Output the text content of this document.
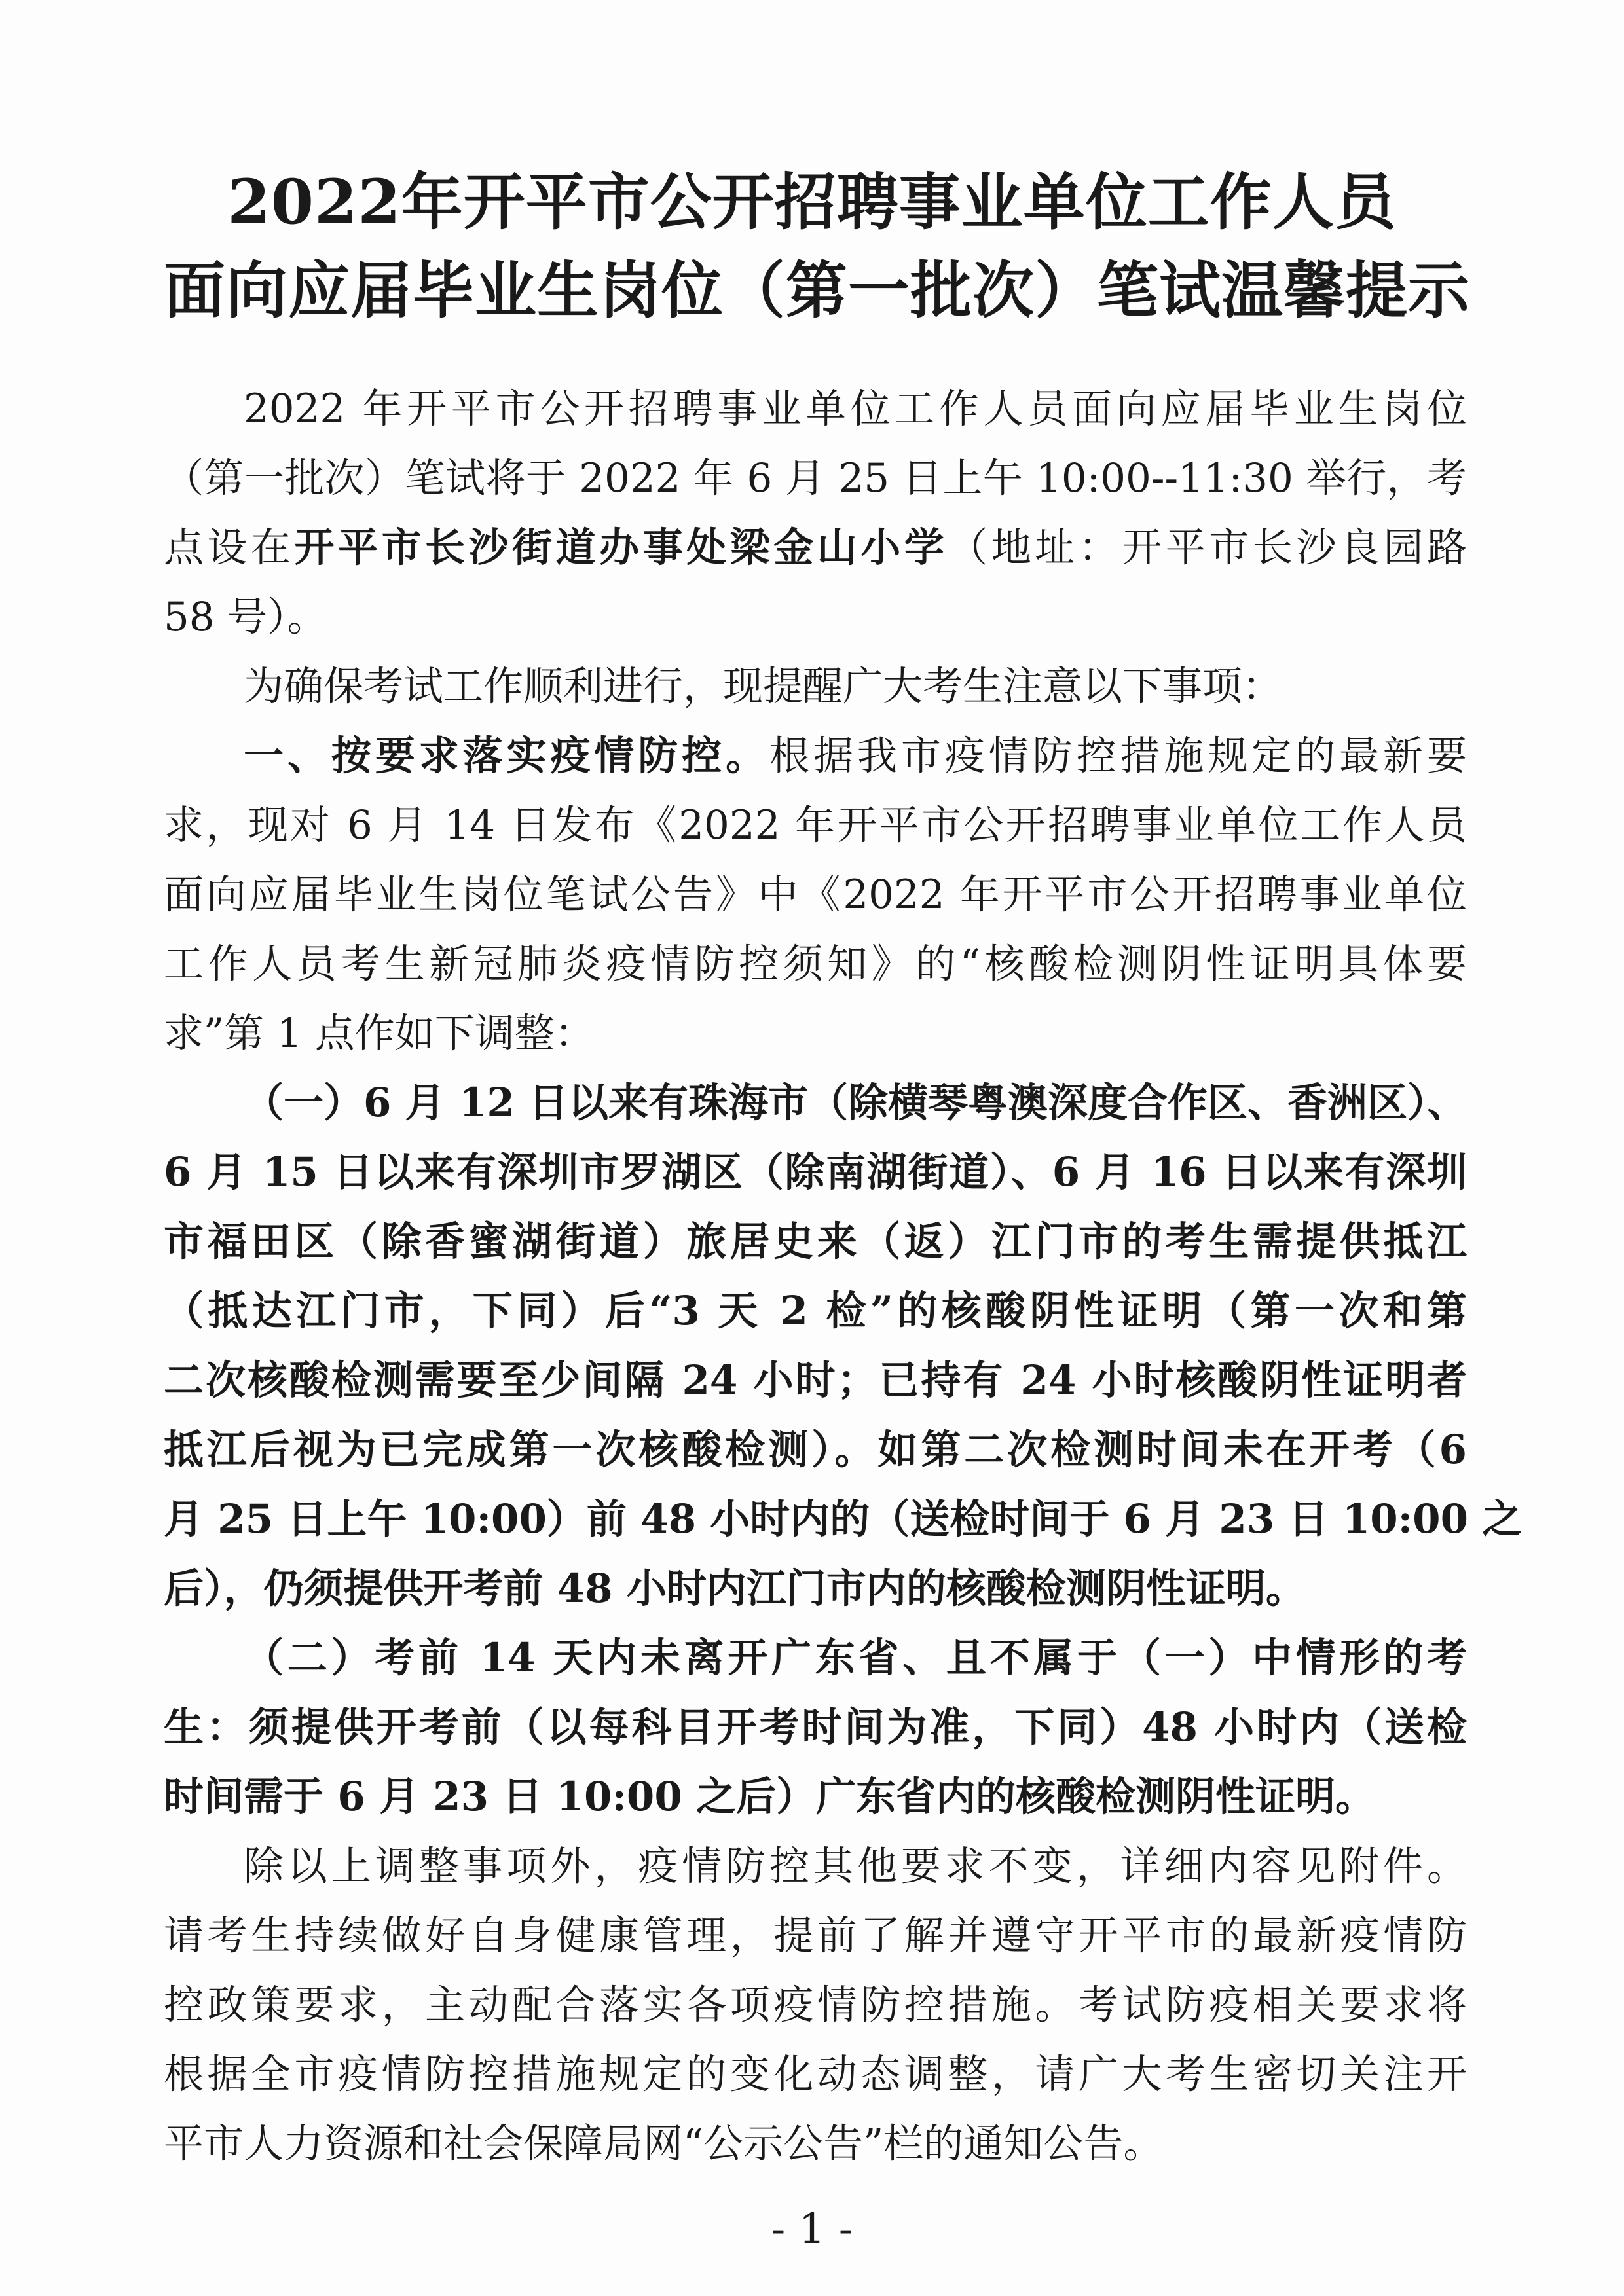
2022年开平市公开招聘事业单位工作人员
面向应届毕业生岗位（第一批次）笔试温馨提示
2022 年开平市公开招聘事业单位工作人员面向应届毕业生岗位
（第一批次）笔试将于 2022 年 6 月 25 日上午 10:00--11:30 举行，考
点设在开平市长沙街道办事处梁金山小学（地址：开平市长沙良园路
58 号）。
为确保考试工作顺利进行，现提醒广大考生注意以下事项：
一、按要求落实疫情防控。根据我市疫情防控措施规定的最新要
求，现对 6 月 14 日发布《2022 年开平市公开招聘事业单位工作人员
面向应届毕业生岗位笔试公告》中《2022 年开平市公开招聘事业单位
工作人员考生新冠肺炎疫情防控须知》的“核酸检测阴性证明具体要
求”第 1 点作如下调整：
（一）6 月 12 日以来有珠海市（除横琴粤澳深度合作区、香洲区）、
6 月 15 日以来有深圳市罗湖区（除南湖街道）、6 月 16 日以来有深圳
市福田区（除香蜜湖街道）旅居史来（返）江门市的考生需提供抵江
（抵达江门市，下同）后“3 天 2 检”的核酸阴性证明（第一次和第
二次核酸检测需要至少间隔 24 小时；已持有 24 小时核酸阴性证明者
抵江后视为已完成第一次核酸检测）。如第二次检测时间未在开考（6
月 25 日上午 10:00）前 48 小时内的（送检时间于 6 月 23 日 10:00 之
后），仍须提供开考前 48 小时内江门市内的核酸检测阴性证明。
（二）考前 14 天内未离开广东省、且不属于（一）中情形的考
生：须提供开考前（以每科目开考时间为准，下同）48 小时内（送检
时间需于 6 月 23 日 10:00 之后）广东省内的核酸检测阴性证明。
除以上调整事项外，疫情防控其他要求不变，详细内容见附件。
请考生持续做好自身健康管理，提前了解并遵守开平市的最新疫情防
控政策要求，主动配合落实各项疫情防控措施。考试防疫相关要求将
根据全市疫情防控措施规定的变化动态调整，请广大考生密切关注开
平市人力资源和社会保障局网“公示公告”栏的通知公告。
- 1 -
